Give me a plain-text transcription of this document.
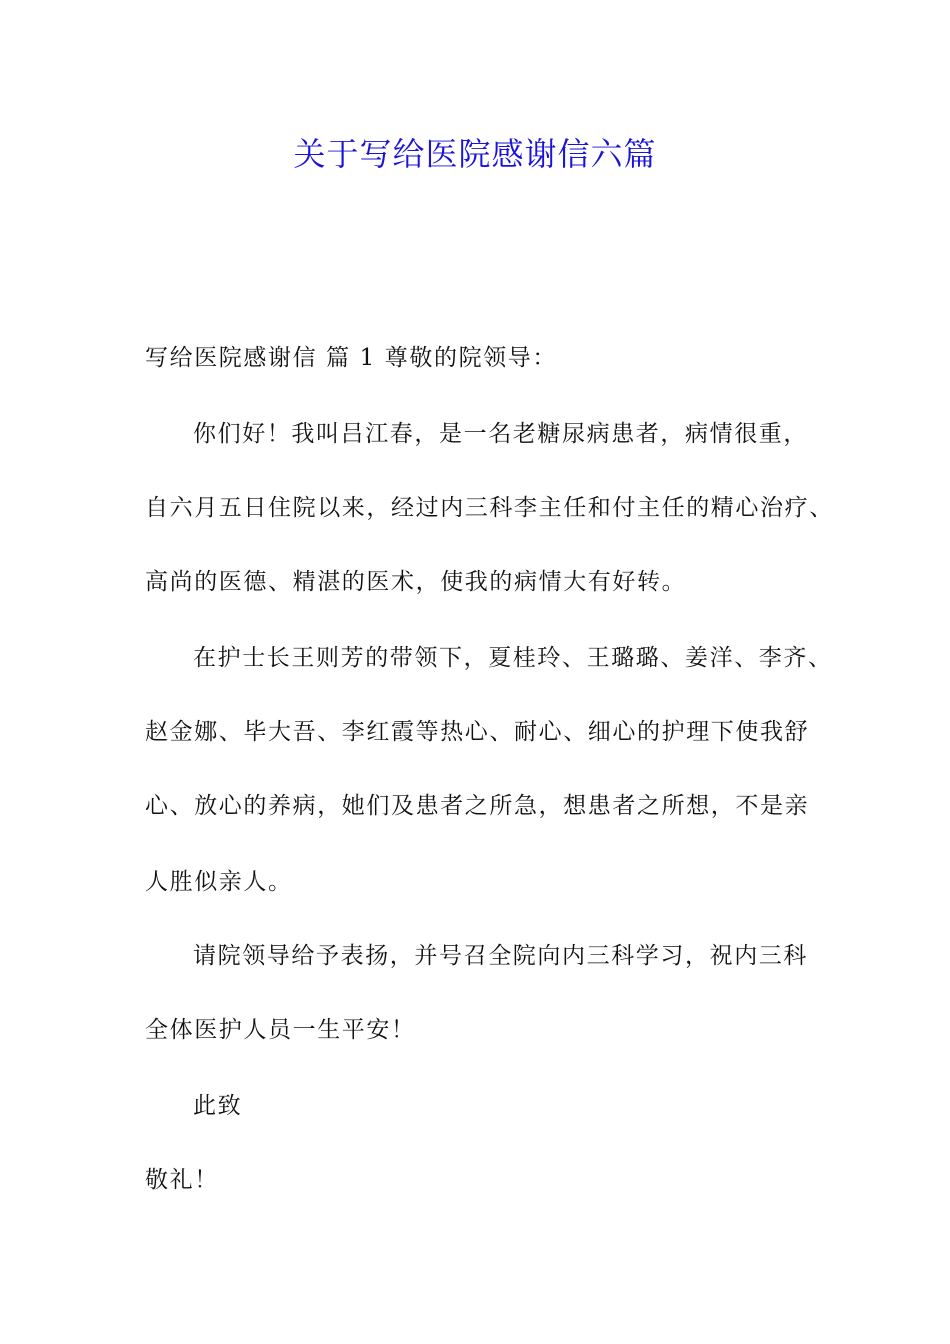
关于写给医院感谢信六篇
写给医院感谢信 篇 1 尊敬的院领导：
你们好！我叫吕江春，是一名老糖尿病患者，病情很重，
自六月五日住院以来，经过内三科李主任和付主任的精心治疗、
高尚的医德、精湛的医术，使我的病情大有好转。
在护士长王则芳的带领下，夏桂玲、王璐璐、姜洋、李齐、
赵金娜、毕大吾、李红霞等热心、耐心、细心的护理下使我舒
心、放心的养病，她们及患者之所急，想患者之所想，不是亲
人胜似亲人。
请院领导给予表扬，并号召全院向内三科学习，祝内三科
全体医护人员一生平安！
此致
敬礼！
